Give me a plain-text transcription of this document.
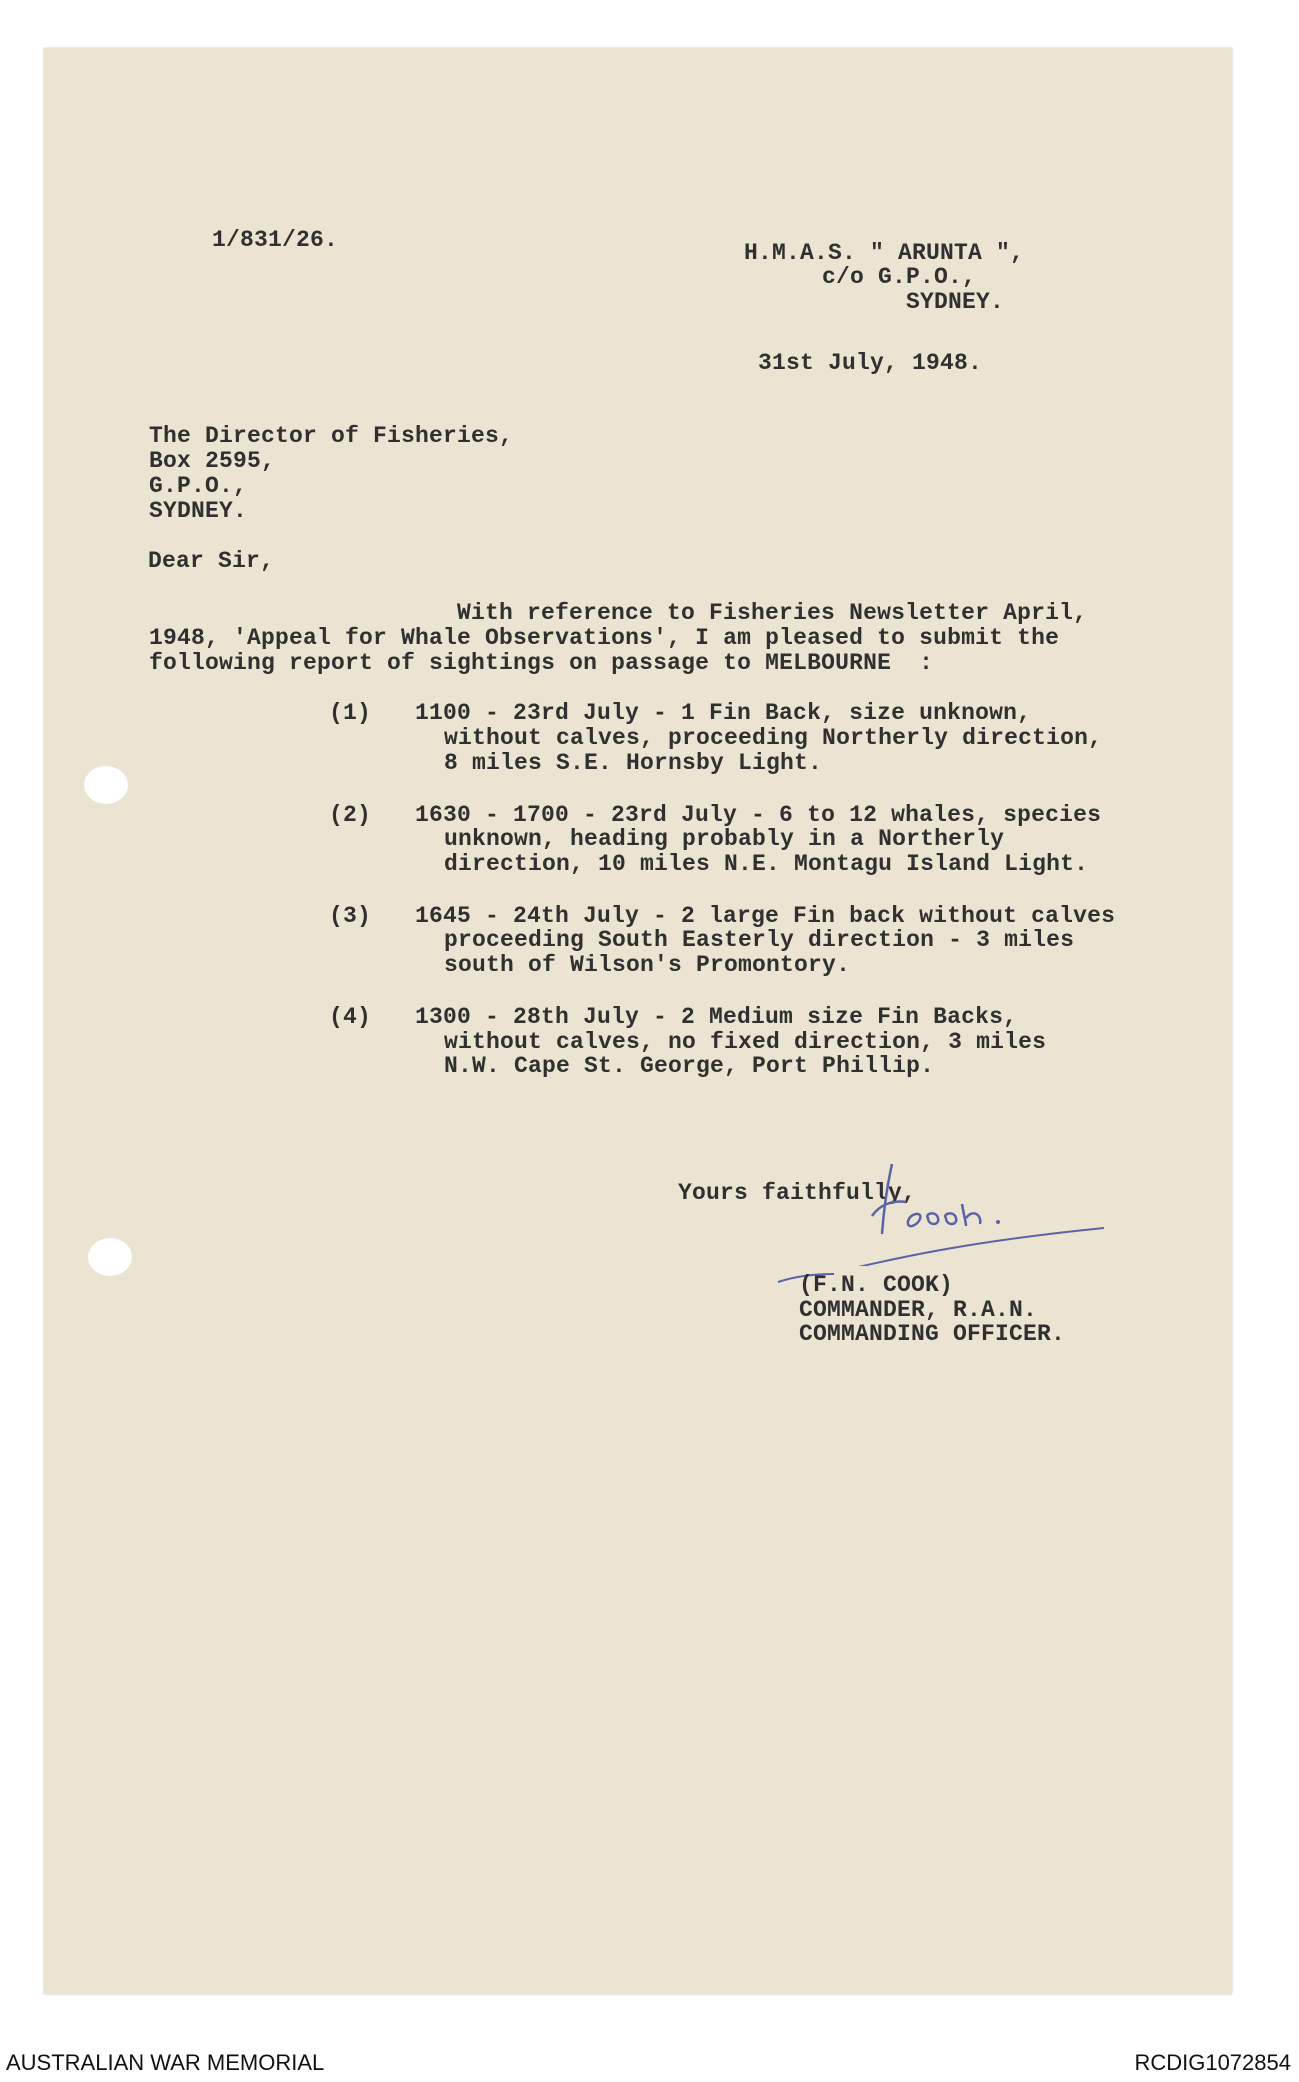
1/831/26.	H.M.A.S. " ARUNTA ",
c/o G.P.O.,
SYDNEY.
31st July, 1948.
The Director of Fisheries,
Box 2595,
G.P.O.,
SYDNEY.
Dear Sir,
With reference to Fisheries Newsletter April,
1948, 'Appeal for Whale Observations', I am pleased to submit the
following report of sightings on passage to MELBOURNE  :
(1) 1100 - 23rd July - 1 Fin Back, size unknown,
without calves, proceeding Northerly direction,
8 miles S.E. Hornsby Light.
(2) 1630 - 1700 - 23rd July - 6 to 12 whales, species
unknown, heading probably in a Northerly
direction, 10 miles N.E. Montagu Island Light.
(3) 1645 - 24th July - 2 large Fin back without calves
proceeding South Easterly direction - 3 miles
south of Wilson's Promontory.
(4) 1300 - 28th July - 2 Medium size Fin Backs,
without calves, no fixed direction, 3 miles
N.W. Cape St. George, Port Phillip.
Yours faithfully,
(F.N. COOK)
COMMANDER, R.A.N.
COMMANDING OFFICER.
AUSTRALIAN WAR MEMORIAL	RCDIG1072854
